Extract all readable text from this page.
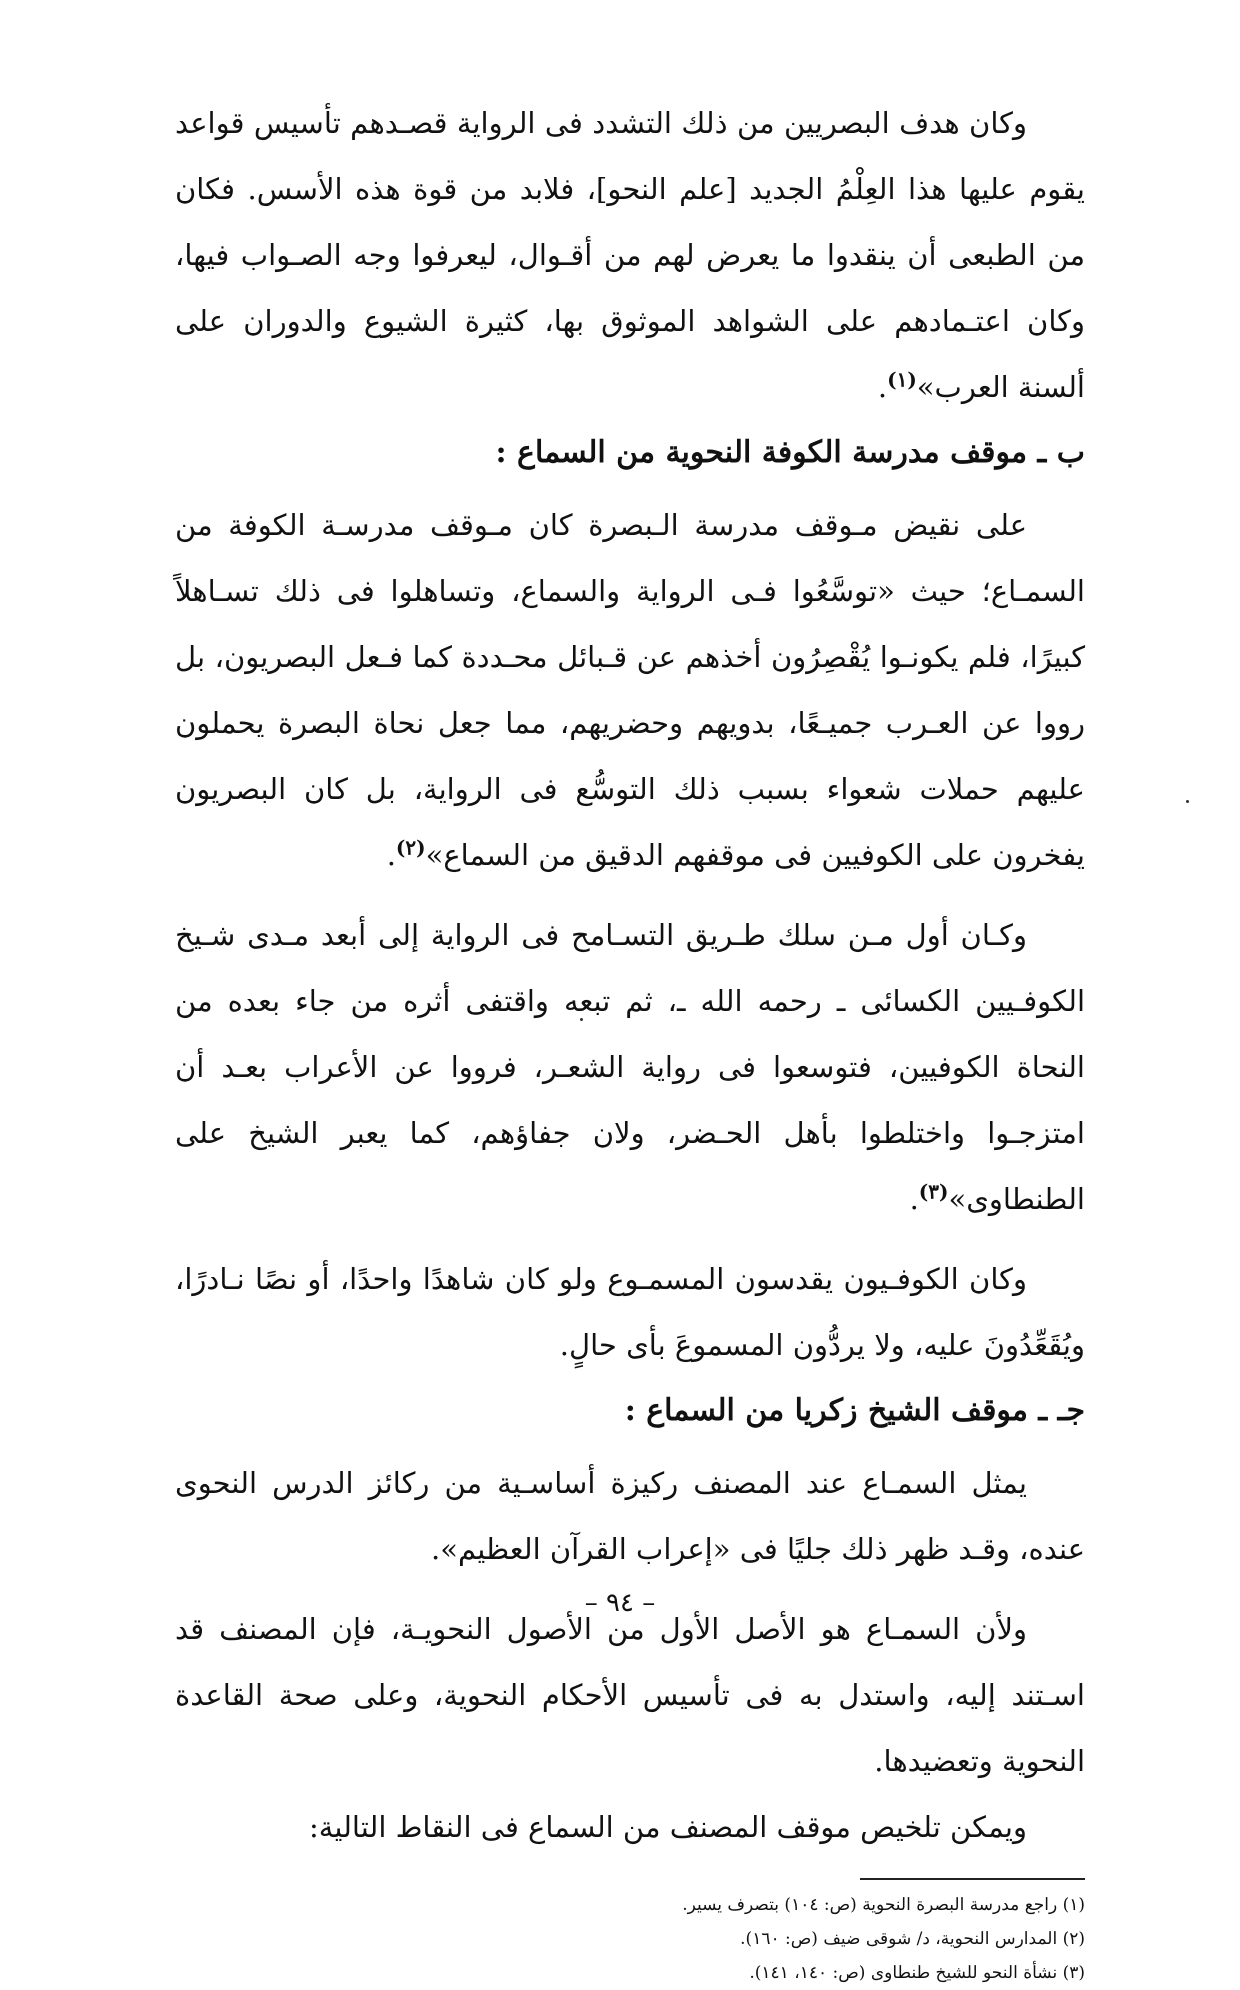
وكان هدف البصريين من ذلك التشدد فى الرواية قصـدهم تأسيس قواعد يقوم عليها هذا العِلْمُ الجديد [علم النحو]، فلابد من قوة هذه الأسس. فكان من الطبعى أن ينقدوا ما يعرض لهم من أقـوال، ليعرفوا وجه الصـواب فيها، وكان اعتـمادهم على الشواهد الموثوق بها، كثيرة الشيوع والدوران على ألسنة العرب»$^{(١)}$.

ب ـ موقف مدرسة الكوفة النحوية من السماع :

على نقيض مـوقف مدرسة الـبصرة كان مـوقف مدرسـة الكوفة من السمـاع؛ حيث «توسَّعُوا فـى الرواية والسماع، وتساهلوا فى ذلك تسـاهلاً كبيرًا، فلم يكونـوا يُقْصِرُون أخذهم عن قـبائل محـددة كما فـعل البصريون، بل رووا عن العـرب جميـعًا، بدويهم وحضريهم، مما جعل نحاة البصرة يحملون عليهم حملات شعواء بسبب ذلك التوسُّع فى الرواية، بل كان البصريون يفخرون على الكوفيين فى موقفهم الدقيق من السماع»$^{(٢)}$.

وكـان أول مـن سلك طـريق التسـامح فى الرواية إلى أبعد مـدى شـيخ الكوفـيين الكسائى ـ رحمه الله ـ، ثم تبعه واقتفى أثره من جاء بعده من النحاة الكوفيين، فتوسعوا فى رواية الشعـر، فرووا عن الأعراب بعـد أن امتزجـوا واختلطوا بأهل الحـضر، ولان جفاؤهم، كما يعبر الشيخ على الطنطاوى»$^{(٣)}$.

وكان الكوفـيون يقدسون المسمـوع ولو كان شاهدًا واحدًا، أو نصًا نـادرًا، ويُقَعِّدُونَ عليه، ولا يردُّون المسموعَ بأى حالٍ.

جـ ـ موقف الشيخ زكريا من السماع :

يمثل السمـاع عند المصنف ركيزة أساسـية من ركائز الدرس النحوى عنده، وقـد ظهر ذلك جليًا فى «إعراب القرآن العظيم».

ولأن السمـاع هو الأصل الأول من الأصول النحويـة، فإن المصنف قد اسـتند إليه، واستدل به فى تأسيس الأحكام النحوية، وعلى صحة القاعدة النحوية وتعضيدها.

ويمكن تلخيص موقف المصنف من السماع فى النقاط التالية:

(١) راجع مدرسة البصرة النحوية (ص: ١٠٤) بتصرف يسير.

(٢) المدارس النحوية، د/ شوقى ضيف (ص: ١٦٠).

(٣) نشأة النحو للشيخ طنطاوى (ص: ١٤٠، ١٤١).

– ٩٤ –
